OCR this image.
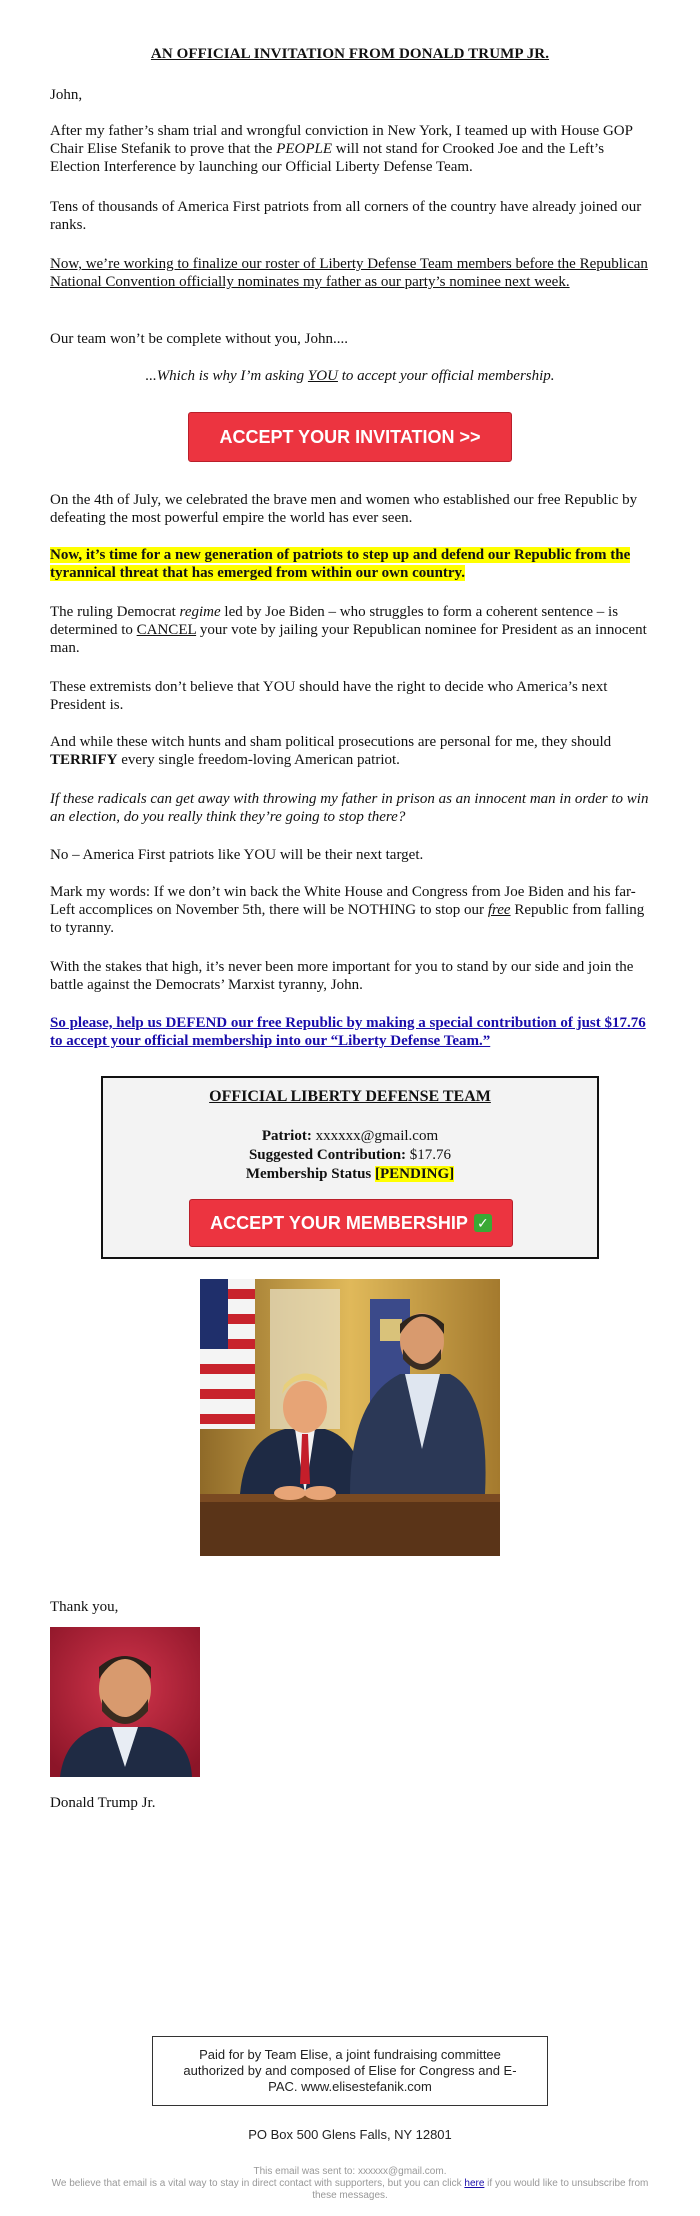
AN OFFICIAL INVITATION FROM DONALD TRUMP JR.

John,

After my father’s sham trial and wrongful conviction in New York, I teamed up with House GOP Chair Elise Stefanik to prove that the PEOPLE will not stand for Crooked Joe and the Left’s Election Interference by launching our Official Liberty Defense Team.

Tens of thousands of America First patriots from all corners of the country have already joined our ranks.

Now, we’re working to finalize our roster of Liberty Defense Team members before the Republican National Convention officially nominates my father as our party’s nominee next week.

Our team won’t be complete without you, John....

...Which is why I’m asking YOU to accept your official membership.

ACCEPT YOUR INVITATION >>

On the 4th of July, we celebrated the brave men and women who established our free Republic by defeating the most powerful empire the world has ever seen.

Now, it’s time for a new generation of patriots to step up and defend our Republic from the tyrannical threat that has emerged from within our own country.

The ruling Democrat regime led by Joe Biden – who struggles to form a coherent sentence – is determined to CANCEL your vote by jailing your Republican nominee for President as an innocent man.

These extremists don’t believe that YOU should have the right to decide who America’s next President is.

And while these witch hunts and sham political prosecutions are personal for me, they should TERRIFY every single freedom-loving American patriot.

If these radicals can get away with throwing my father in prison as an innocent man in order to win an election, do you really think they’re going to stop there?

No – America First patriots like YOU will be their next target.

Mark my words: If we don’t win back the White House and Congress from Joe Biden and his far-Left accomplices on November 5th, there will be NOTHING to stop our free Republic from falling to tyranny.

With the stakes that high, it’s never been more important for you to stand by our side and join the battle against the Democrats’ Marxist tyranny, John.

So please, help us DEFEND our free Republic by making a special contribution of just $17.76 to accept your official membership into our “Liberty Defense Team.”

OFFICIAL LIBERTY DEFENSE TEAM
Patriot: xxxxxx@gmail.com
Suggested Contribution: $17.76
Membership Status [PENDING]
ACCEPT YOUR MEMBERSHIP ✓

Thank you,

Donald Trump Jr.

Paid for by Team Elise, a joint fundraising committee authorized by and composed of Elise for Congress and E-PAC. www.elisestefanik.com
PO Box 500 Glens Falls, NY 12801
This email was sent to: xxxxxx@gmail.com.
We believe that email is a vital way to stay in direct contact with supporters, but you can click here if you would like to unsubscribe from these messages.
